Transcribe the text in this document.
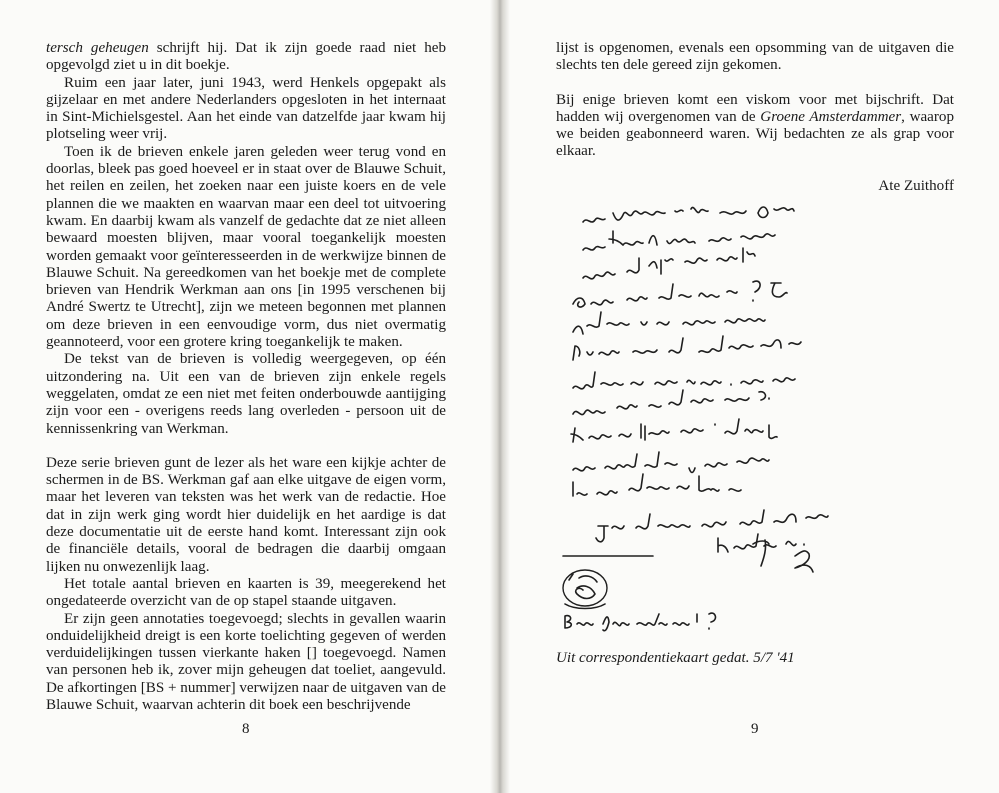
tersch geheugen schrijft hij. Dat ik zijn goede raad niet heb opgevolgd ziet u in dit boekje.

Ruim een jaar later, juni 1943, werd Henkels opgepakt als gijzelaar en met andere Nederlanders opgesloten in het internaat in Sint-Michielsgestel. Aan het einde van datzelfde jaar kwam hij plotseling weer vrij.

Toen ik de brieven enkele jaren geleden weer terug vond en doorlas, bleek pas goed hoeveel er in staat over de Blauwe Schuit, het reilen en zeilen, het zoeken naar een juiste koers en de vele plannen die we maakten en waarvan maar een deel tot uitvoering kwam. En daarbij kwam als vanzelf de gedachte dat ze niet alleen bewaard moesten blijven, maar vooral toegankelijk moesten worden gemaakt voor geïnteresseerden in de werkwijze binnen de Blauwe Schuit. Na gereedkomen van het boekje met de complete brieven van Hendrik Werkman aan ons [in 1995 verschenen bij André Swertz te Utrecht], zijn we meteen begonnen met plannen om deze brieven in een eenvoudige vorm, dus niet overmatig geannoteerd, voor een grotere kring toegankelijk te maken.

De tekst van de brieven is volledig weergegeven, op één uitzondering na. Uit een van de brieven zijn enkele regels weggelaten, omdat ze een niet met feiten onderbouwde aantijging zijn voor een - overigens reeds lang overleden - persoon uit de kennissenkring van Werkman.

Deze serie brieven gunt de lezer als het ware een kijkje achter de schermen in de BS. Werkman gaf aan elke uitgave de eigen vorm, maar het leveren van teksten was het werk van de redactie. Hoe dat in zijn werk ging wordt hier duidelijk en het aardige is dat deze documentatie uit de eerste hand komt. Interessant zijn ook de financiële details, vooral de bedragen die daarbij omgaan lijken nu onwezenlijk laag.

Het totale aantal brieven en kaarten is 39, meegerekend het ongedateerde overzicht van de op stapel staande uitgaven.

Er zijn geen annotaties toegevoegd; slechts in gevallen waarin onduidelijkheid dreigt is een korte toelichting gegeven of werden verduidelijkingen tussen vierkante haken [] toegevoegd. Namen van personen heb ik, zover mijn geheugen dat toeliet, aangevuld. De afkortingen [BS + nummer] verwijzen naar de uitgaven van de Blauwe Schuit, waarvan achterin dit boek een beschrijvende

8

lijst is opgenomen, evenals een opsomming van de uitgaven die slechts ten dele gereed zijn gekomen.

Bij enige brieven komt een viskom voor met bijschrift. Dat hadden wij overgenomen van de Groene Amsterdammer, waarop we beiden geabonneerd waren. Wij bedachten ze als grap voor elkaar.

Ate Zuithoff
Uit correspondentiekaart gedat. 5/7 '41
9
